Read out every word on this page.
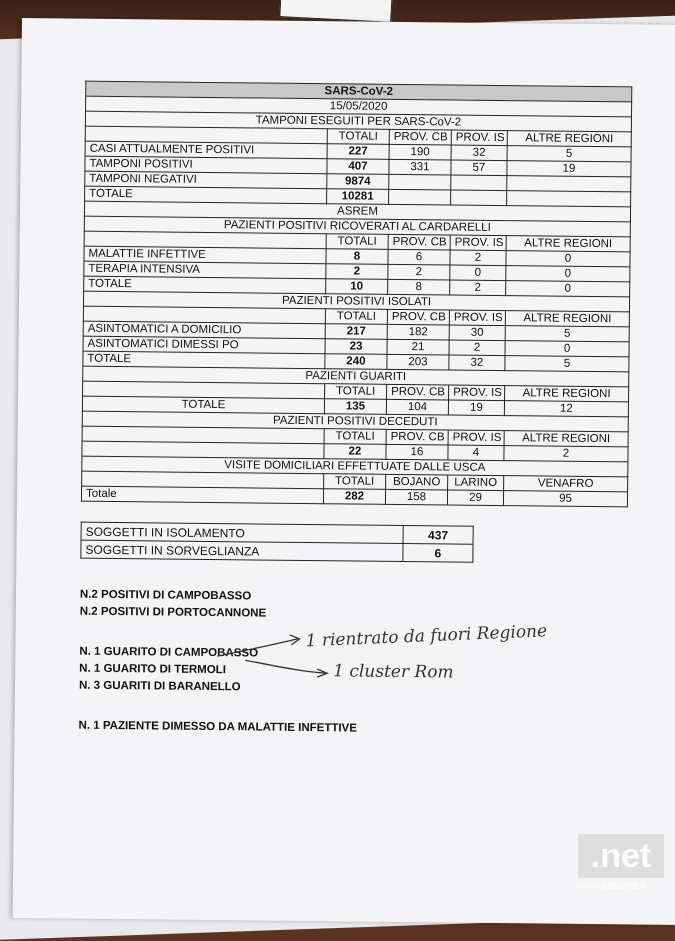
SARS-CoV-2				
15/05/2020				
TAMPONI ESEGUITI PER SARS-CoV-2				
	TOTALI	PROV. CB	PROV. IS	ALTRE REGIONI
CASI ATTUALMENTE POSITIVI	227	190	32	5
TAMPONI POSITIVI	407	331	57	19
TAMPONI NEGATIVI	9874			
TOTALE	10281			
ASREM				
PAZIENTI POSITIVI RICOVERATI AL CARDARELLI				
	TOTALI	PROV. CB	PROV. IS	ALTRE REGIONI
MALATTIE INFETTIVE	8	6	2	0
TERAPIA INTENSIVA	2	2	0	0
TOTALE	10	8	2	0
PAZIENTI POSITIVI ISOLATI				
	TOTALI	PROV. CB	PROV. IS	ALTRE REGIONI
ASINTOMATICI A DOMICILIO	217	182	30	5
ASINTOMATICI DIMESSI PO	23	21	2	0
TOTALE	240	203	32	5
PAZIENTI GUARITI				
	TOTALI	PROV. CB	PROV. IS	ALTRE REGIONI
TOTALE	135	104	19	12
PAZIENTI POSITIVI DECEDUTI				
	TOTALI	PROV. CB	PROV. IS	ALTRE REGIONI
	22	16	4	2
VISITE DOMICILIARI EFFETTUATE DALLE USCA				
	TOTALI	BOJANO	LARINO	VENAFRO
Totale	282	158	29	95
SOGGETTI IN ISOLAMENTO	437
SOGGETTI IN SORVEGLIANZA	6
N.2 POSITIVI DI CAMPOBASSO
N.2 POSITIVI DI PORTOCANNONE
N. 1 GUARITO DI CAMPOBASSO
N. 1 GUARITO DI TERMOLI
N. 3 GUARITI DI BARANELLO
N. 1 PAZIENTE DIMESSO DA MALATTIE INFETTIVE
1 rientrato da fuori Regione
1 cluster Rom
.net
www.cittanet.it
